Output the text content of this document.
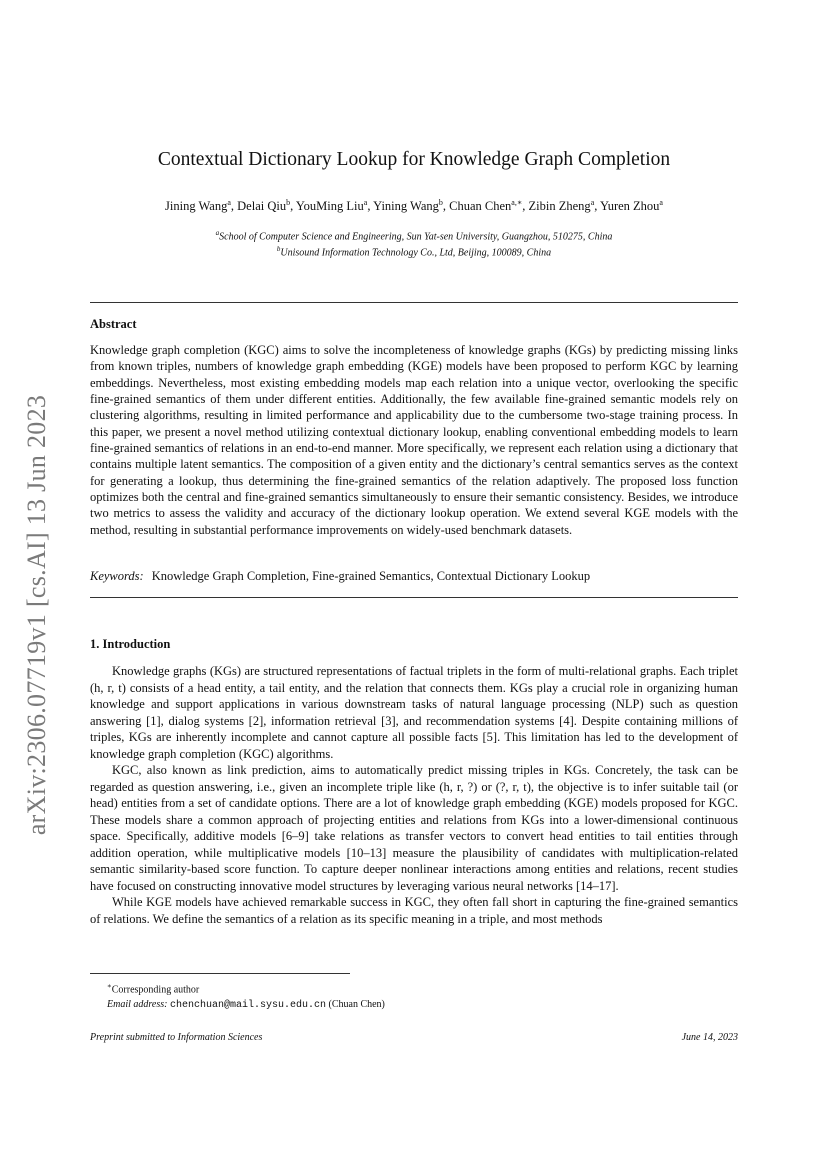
arXiv:2306.07719v1 [cs.AI] 13 Jun 2023
Contextual Dictionary Lookup for Knowledge Graph Completion
Jining Wang$^a$, Delai Qiu$^b$, YouMing Liu$^a$, Yining Wang$^b$, Chuan Chen$^{a,∗}$, Zibin Zheng$^a$, Yuren Zhou$^a$
$^a$School of Computer Science and Engineering, Sun Yat-sen University, Guangzhou, 510275, China
$^b$Unisound Information Technology Co., Ltd, Beijing, 100089, China
Abstract

Knowledge graph completion (KGC) aims to solve the incompleteness of knowledge graphs (KGs) by predicting missing links from known triples, numbers of knowledge graph embedding (KGE) models have been proposed to perform KGC by learning embeddings. Nevertheless, most existing embedding models map each relation into a unique vector, overlooking the specific fine-grained semantics of them under different entities. Additionally, the few available fine-grained semantic models rely on clustering algorithms, resulting in limited performance and applicability due to the cumbersome two-stage training process. In this paper, we present a novel method utilizing contextual dictionary lookup, enabling conventional embedding models to learn fine-grained semantics of relations in an end-to-end manner. More specifically, we represent each relation using a dictionary that contains multiple latent semantics. The composition of a given entity and the dictionary’s central semantics serves as the context for generating a lookup, thus determining the fine-grained semantics of the relation adaptively. The proposed loss function optimizes both the central and fine-grained semantics simultaneously to ensure their semantic consistency. Besides, we introduce two metrics to assess the validity and accuracy of the dictionary lookup operation. We extend several KGE models with the method, resulting in substantial performance improvements on widely-used benchmark datasets.

Keywords: Knowledge Graph Completion, Fine-grained Semantics, Contextual Dictionary Lookup
1. Introduction

Knowledge graphs (KGs) are structured representations of factual triplets in the form of multi-relational graphs. Each triplet (h, r, t) consists of a head entity, a tail entity, and the relation that connects them. KGs play a crucial role in organizing human knowledge and support applications in various downstream tasks of natural language processing (NLP) such as question answering [1], dialog systems [2], information retrieval [3], and recommendation systems [4]. Despite containing millions of triples, KGs are inherently incomplete and cannot capture all possible facts [5]. This limitation has led to the development of knowledge graph completion (KGC) algorithms.

KGC, also known as link prediction, aims to automatically predict missing triples in KGs. Concretely, the task can be regarded as question answering, i.e., given an incomplete triple like (h, r, ?) or (?, r, t), the objective is to infer suitable tail (or head) entities from a set of candidate options. There are a lot of knowledge graph embedding (KGE) models proposed for KGC. These models share a common approach of projecting entities and relations from KGs into a lower-dimensional continuous space. Specifically, additive models [6–9] take relations as transfer vectors to convert head entities to tail entities through addition operation, while multiplicative models [10–13] measure the plausibility of candidates with multiplication-related semantic similarity-based score function. To capture deeper nonlinear interactions among entities and relations, recent studies have focused on constructing innovative model structures by leveraging various neural networks [14–17].

While KGE models have achieved remarkable success in KGC, they often fall short in capturing the fine-grained semantics of relations. We define the semantics of a relation as its specific meaning in a triple, and most methods

∗Corresponding author
Email address: chenchuan@mail.sysu.edu.cn (Chuan Chen)
Preprint submitted to Information Sciences	June 14, 2023
